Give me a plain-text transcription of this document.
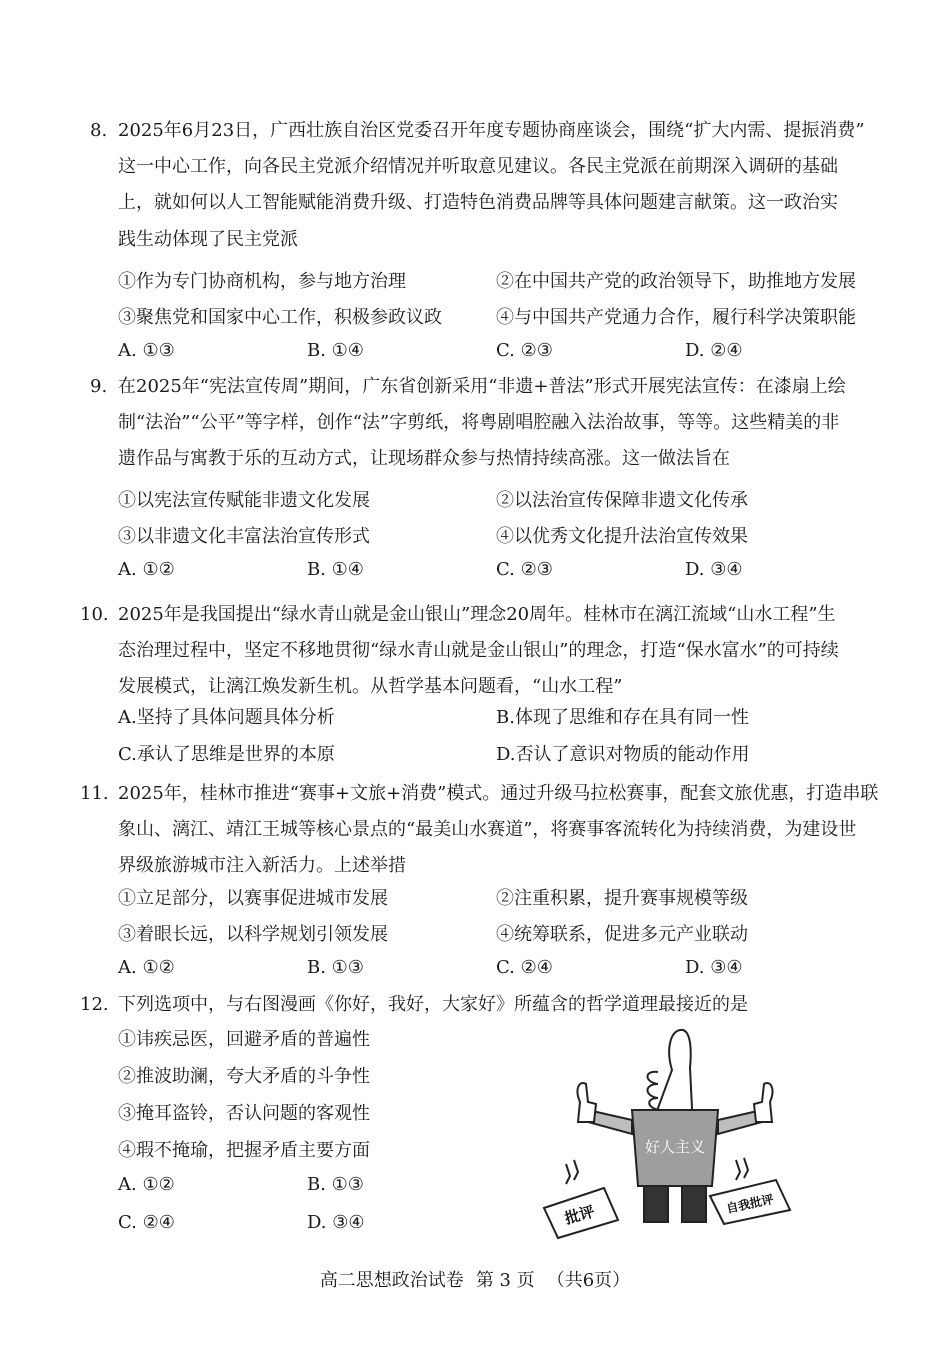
8. 2025年6月23日，广西壮族自治区党委召开年度专题协商座谈会，围绕“扩大内需、提振消费”
这一中心工作，向各民主党派介绍情况并听取意见建议。各民主党派在前期深入调研的基础
上，就如何以人工智能赋能消费升级、打造特色消费品牌等具体问题建言献策。这一政治实
践生动体现了民主党派
①作为专门协商机构，参与地方治理	②在中国共产党的政治领导下，助推地方发展
③聚焦党和国家中心工作，积极参政议政	④与中国共产党通力合作，履行科学决策职能
A. ①③	B. ①④	C. ②③	D. ②④
9. 在2025年“宪法宣传周”期间，广东省创新采用“非遗+普法”形式开展宪法宣传：在漆扇上绘
制“法治”“公平”等字样，创作“法”字剪纸，将粤剧唱腔融入法治故事，等等。这些精美的非
遗作品与寓教于乐的互动方式，让现场群众参与热情持续高涨。这一做法旨在
①以宪法宣传赋能非遗文化发展	②以法治宣传保障非遗文化传承
③以非遗文化丰富法治宣传形式	④以优秀文化提升法治宣传效果
A. ①②	B. ①④	C. ②③	D. ③④
10. 2025年是我国提出“绿水青山就是金山银山”理念20周年。桂林市在漓江流域“山水工程”生
态治理过程中，坚定不移地贯彻“绿水青山就是金山银山”的理念，打造“保水富水”的可持续
发展模式，让漓江焕发新生机。从哲学基本问题看，“山水工程”
A.坚持了具体问题具体分析	B.体现了思维和存在具有同一性
C.承认了思维是世界的本原	D.否认了意识对物质的能动作用
11. 2025年，桂林市推进“赛事+文旅+消费”模式。通过升级马拉松赛事，配套文旅优惠，打造串联
象山、漓江、靖江王城等核心景点的“最美山水赛道”，将赛事客流转化为持续消费，为建设世
界级旅游城市注入新活力。上述举措
①立足部分，以赛事促进城市发展	②注重积累，提升赛事规模等级
③着眼长远，以科学规划引领发展	④统筹联系，促进多元产业联动
A. ①②	B. ①③	C. ②④	D. ③④
12. 下列选项中，与右图漫画《你好，我好，大家好》所蕴含的哲学道理最接近的是
①讳疾忌医，回避矛盾的普遍性
②推波助澜，夸大矛盾的斗争性
③掩耳盗铃，否认问题的客观性
④瑕不掩瑜，把握矛盾主要方面
A. ①②	B. ①③
C. ②④	D. ③④
好人主义
批评	自我批评
高二思想政治试卷 第 3 页 （共6页）
